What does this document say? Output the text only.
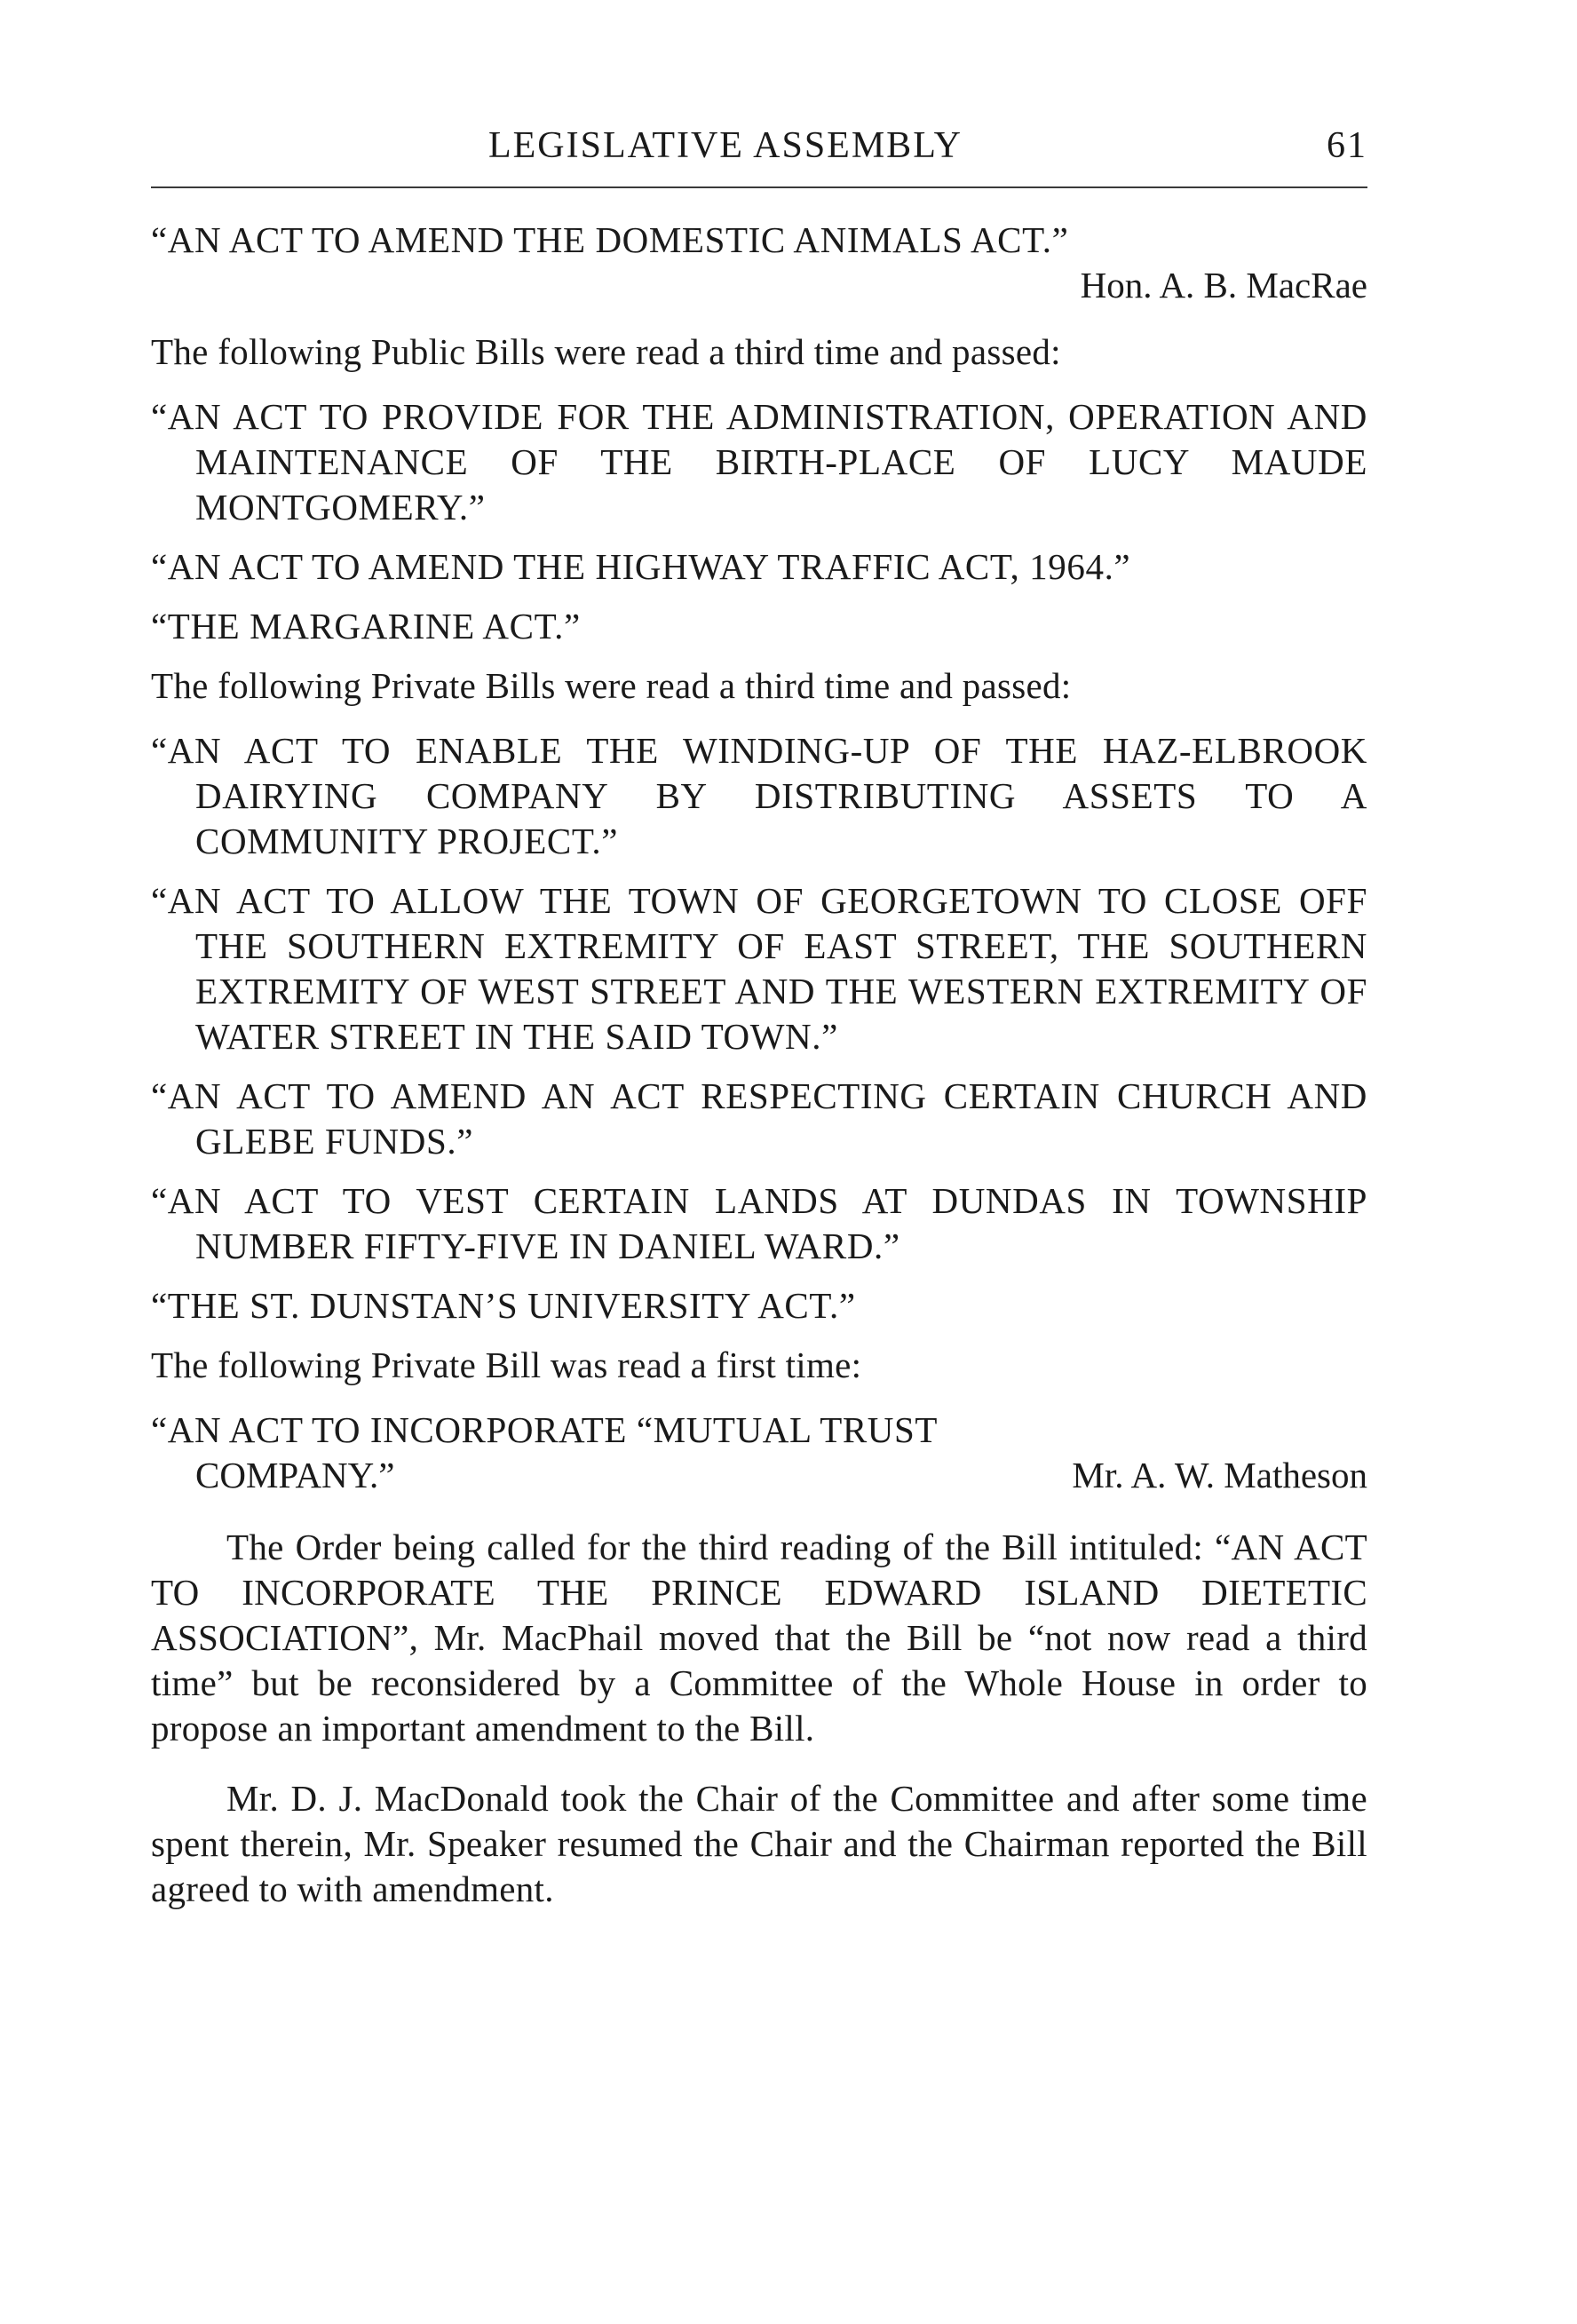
LEGISLATIVE ASSEMBLY	61

“AN ACT TO AMEND THE DOMESTIC ANIMALS ACT.”

Hon. A. B. MacRae

The following Public Bills were read a third time and passed:

“AN ACT TO PROVIDE FOR THE ADMINISTRATION, OPERATION AND MAINTENANCE OF THE BIRTH-PLACE OF LUCY MAUDE MONTGOMERY.”

“AN ACT TO AMEND THE HIGHWAY TRAFFIC ACT, 1964.”

“THE MARGARINE ACT.”

The following Private Bills were read a third time and passed:

“AN ACT TO ENABLE THE WINDING-UP OF THE HAZ-ELBROOK DAIRYING COMPANY BY DISTRIBUTING ASSETS TO A COMMUNITY PROJECT.”

“AN ACT TO ALLOW THE TOWN OF GEORGETOWN TO CLOSE OFF THE SOUTHERN EXTREMITY OF EAST STREET, THE SOUTHERN EXTREMITY OF WEST STREET AND THE WESTERN EXTREMITY OF WATER STREET IN THE SAID TOWN.”

“AN ACT TO AMEND AN ACT RESPECTING CERTAIN CHURCH AND GLEBE FUNDS.”

“AN ACT TO VEST CERTAIN LANDS AT DUNDAS IN TOWNSHIP NUMBER FIFTY-FIVE IN DANIEL WARD.”

“THE ST. DUNSTAN’S UNIVERSITY ACT.”

The following Private Bill was read a first time:

“AN ACT TO INCORPORATE “MUTUAL TRUST

COMPANY.”	Mr. A. W. Matheson

The Order being called for the third reading of the Bill intituled: “AN ACT TO INCORPORATE THE PRINCE EDWARD ISLAND DIETETIC ASSOCIATION”, Mr. MacPhail moved that the Bill be “not now read a third time” but be reconsidered by a Committee of the Whole House in order to propose an important amendment to the Bill.

Mr. D. J. MacDonald took the Chair of the Committee and after some time spent therein, Mr. Speaker resumed the Chair and the Chairman reported the Bill agreed to with amendment.
